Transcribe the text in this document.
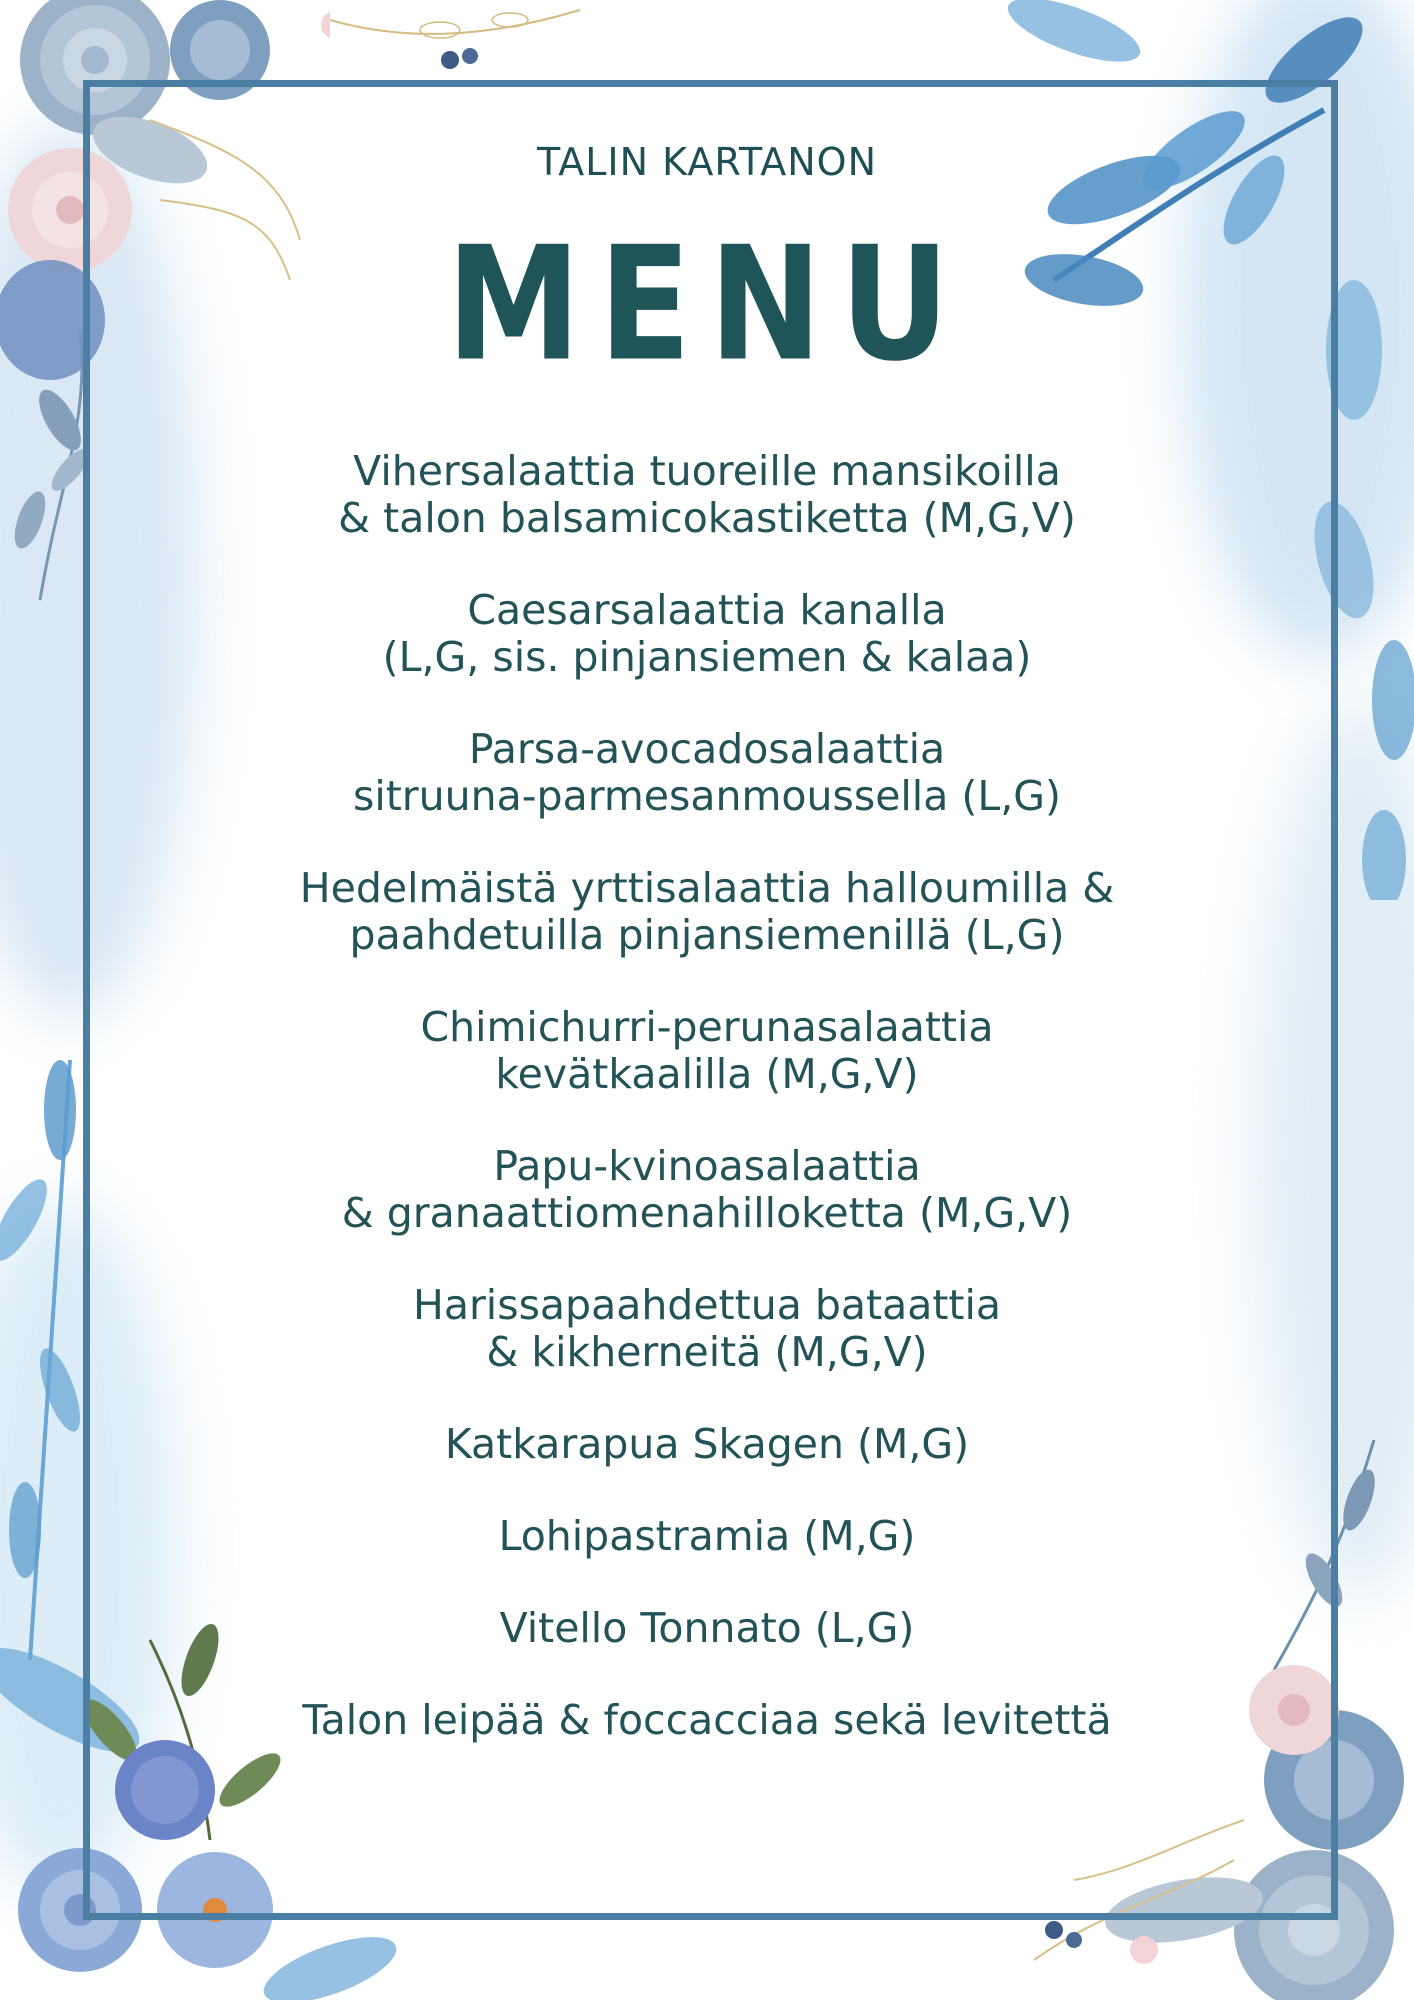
TALIN KARTANON
MENU
Vihersalaattia tuoreille mansikoilla
& talon balsamicokastiketta (M,G,V)
Caesarsalaattia kanalla
(L,G, sis. pinjansiemen & kalaa)
Parsa-avocadosalaattia
sitruuna-parmesanmoussella (L,G)
Hedelmäistä yrttisalaattia halloumilla &
paahdetuilla pinjansiemenillä (L,G)
Chimichurri-perunasalaattia
kevätkaalilla (M,G,V)
Papu-kvinoasalaattia
& granaattiomenahilloketta (M,G,V)
Harissapaahdettua bataattia
& kikherneitä (M,G,V)
Katkarapua Skagen (M,G)
Lohipastramia (M,G)
Vitello Tonnato (L,G)
Talon leipää & foccacciaa sekä levitettä
